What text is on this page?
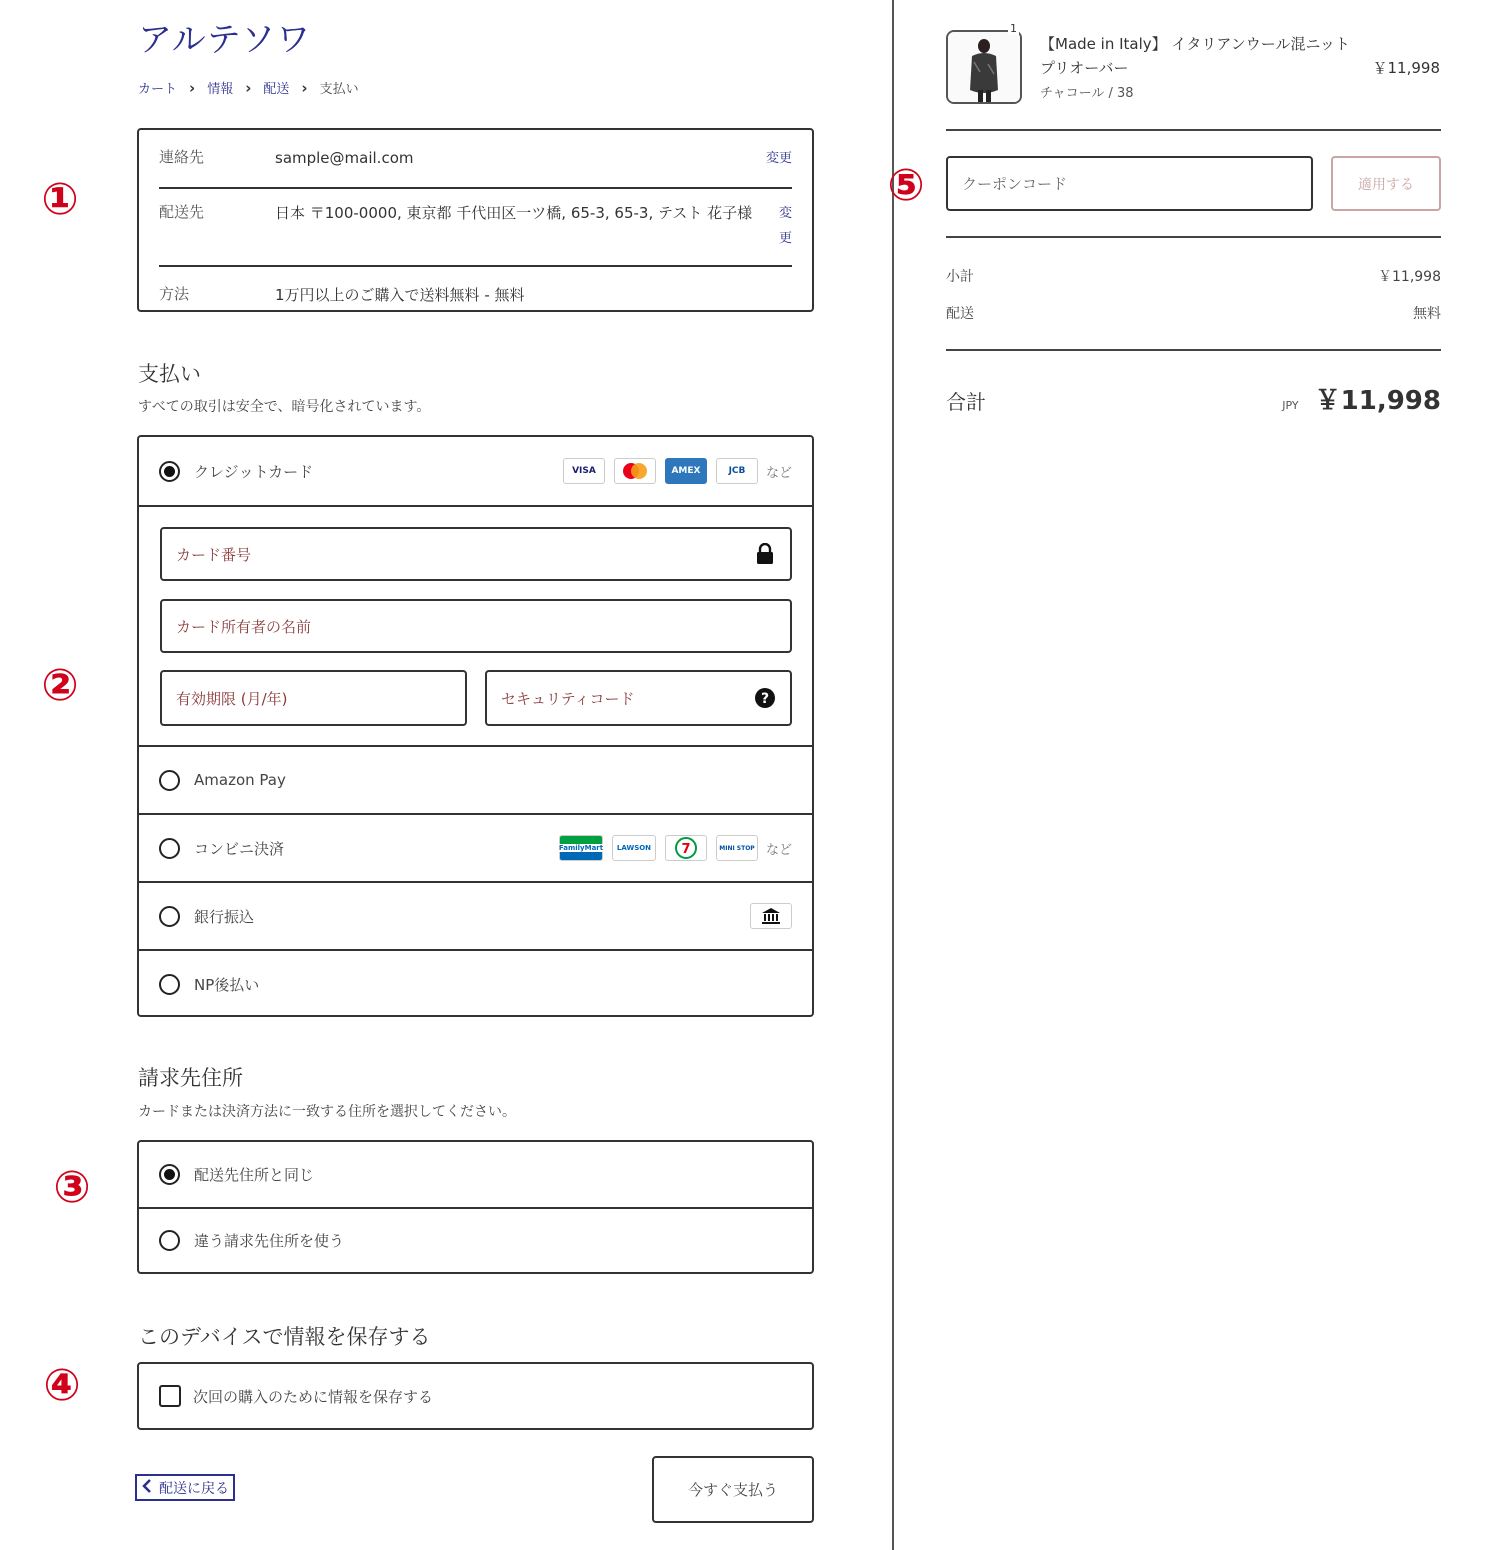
①
②
③
④
⑤
アルテソワ
カート › 情報 › 配送 › 支払い
連絡先	sample@mail.com	変更
配送先	日本 〒100-0000, 東京都 千代田区一ツ橋, 65-3, 65-3, テスト 花子様	変更
方法	1万円以上のご購入で送料無料 - 無料
支払い
すべての取引は安全で、暗号化されています。
クレジットカード	VISA	AMEX	JCB	など
カード番号
カード所有者の名前
有効期限 (月/年)	セキュリティコード	?
Amazon Pay
コンビニ決済	FamilyMart	LAWSON	7	MINI STOP など
銀行振込
NP後払い
請求先住所
カードまたは決済方法に一致する住所を選択してください。
配送先住所と同じ
違う請求先住所を使う
このデバイスで情報を保存する
次回の購入のために情報を保存する
配送に戻る	今すぐ支払う
1
【Made in Italy】 イタリアンウール混ニットプリオーバー
チャコール / 38
￥11,998
クーポンコード	適用する
小計	￥11,998
配送	無料
合計	JPY ￥11,998
